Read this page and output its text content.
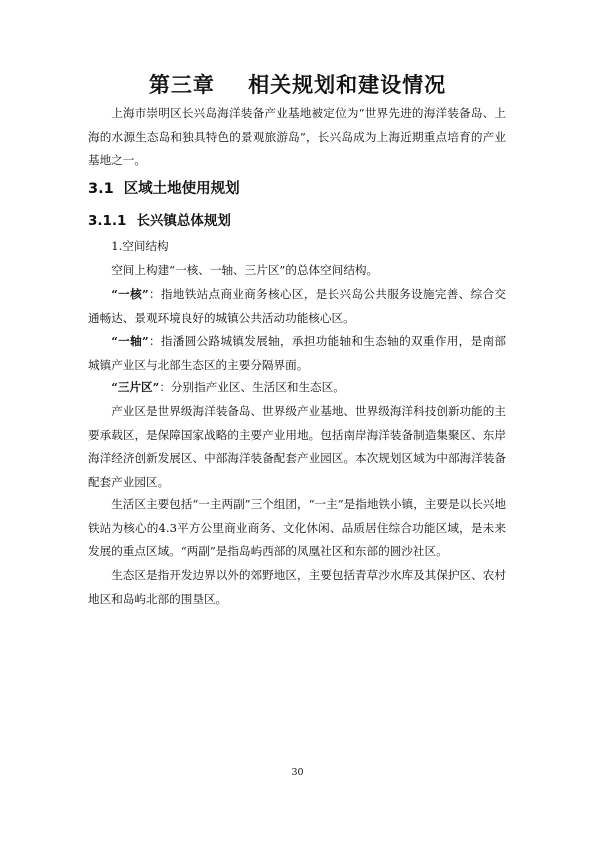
第三章    相关规划和建设情况
上海市崇明区长兴岛海洋装备产业基地被定位为“世界先进的海洋装备岛、上海的水源生态岛和独具特色的景观旅游岛”，长兴岛成为上海近期重点培育的产业基地之一。
3.1 区域土地使用规划
3.1.1 长兴镇总体规划
1.空间结构
空间上构建“一核、一轴、三片区”的总体空间结构。
“一核”：指地铁站点商业商务核心区，是长兴岛公共服务设施完善、综合交通畅达、景观环境良好的城镇公共活动功能核心区。
“一轴”：指潘圆公路城镇发展轴，承担功能轴和生态轴的双重作用，是南部城镇产业区与北部生态区的主要分隔界面。
“三片区”：分别指产业区、生活区和生态区。
产业区是世界级海洋装备岛、世界级产业基地、世界级海洋科技创新功能的主要承载区，是保障国家战略的主要产业用地。包括南岸海洋装备制造集聚区、东岸海洋经济创新发展区、中部海洋装备配套产业园区。本次规划区域为中部海洋装备配套产业园区。
生活区主要包括“一主两副”三个组团，“一主”是指地铁小镇，主要是以长兴地铁站为核心的4.3平方公里商业商务、文化休闲、品质居住综合功能区域，是未来发展的重点区域。“两副”是指岛屿西部的凤凰社区和东部的圆沙社区。
生态区是指开发边界以外的郊野地区，主要包括青草沙水库及其保护区、农村地区和岛屿北部的围垦区。
30
